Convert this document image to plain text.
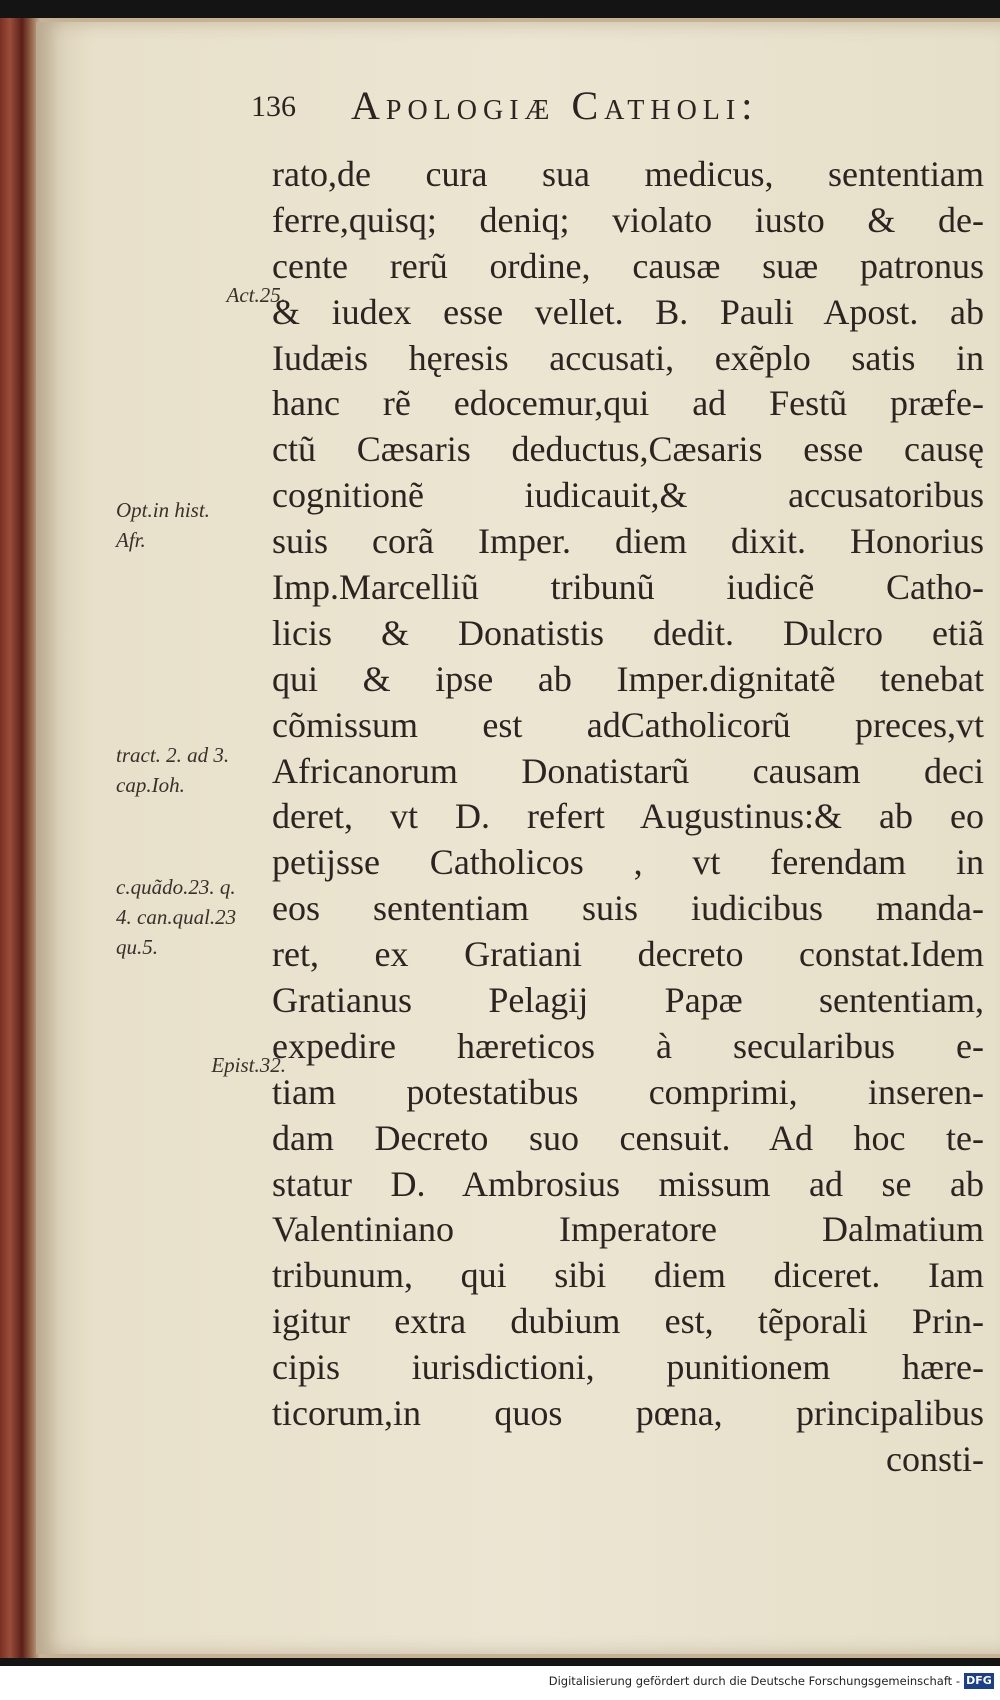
136 Apologiæ Catholi:
Act.25.
Opt.in hist.
Afr.
tract. 2. ad 3.
cap.Ioh.
c.quãdo.23. q.
4. can.qual.23
qu.5.
Epist.32.
rato,de cura sua medicus, sententiam
ferre,quisq; deniq; violato iusto & de-
cente rerũ ordine, causæ suæ patronus
& iudex esse vellet. B. Pauli Apost. ab
Iudæis hęresis accusati, exẽplo satis in
hanc rẽ edocemur,qui ad Festũ præfe-
ctũ Cæsaris deductus,Cæsaris esse causę
cognitionẽ iudicauit,& accusatoribus
suis corã Imper. diem dixit. Honorius
Imp.Marcelliũ tribunũ iudicẽ Catho-
licis & Donatistis dedit. Dulcro etiã
qui & ipse ab Imper.dignitatẽ tenebat
cõmissum est adCatholicorũ preces,vt
Africanorum Donatistarũ causam deci
deret, vt D. refert Augustinus:& ab eo
petijsse Catholicos , vt ferendam in
eos sententiam suis iudicibus manda-
ret, ex Gratiani decreto constat.Idem
Gratianus Pelagij Papæ sententiam,
expedire hæreticos à secularibus e-
tiam potestatibus comprimi, inseren-
dam Decreto suo censuit. Ad hoc te-
statur D. Ambrosius missum ad se ab
Valentiniano Imperatore Dalmatium
tribunum, qui sibi diem diceret. Iam
igitur extra dubium est, tẽporali Prin-
cipis iurisdictioni, punitionem hære-
ticorum,in quos pœna, principalibus
consti-
Digitalisierung gefördert durch die Deutsche Forschungsgemeinschaft - DFG
